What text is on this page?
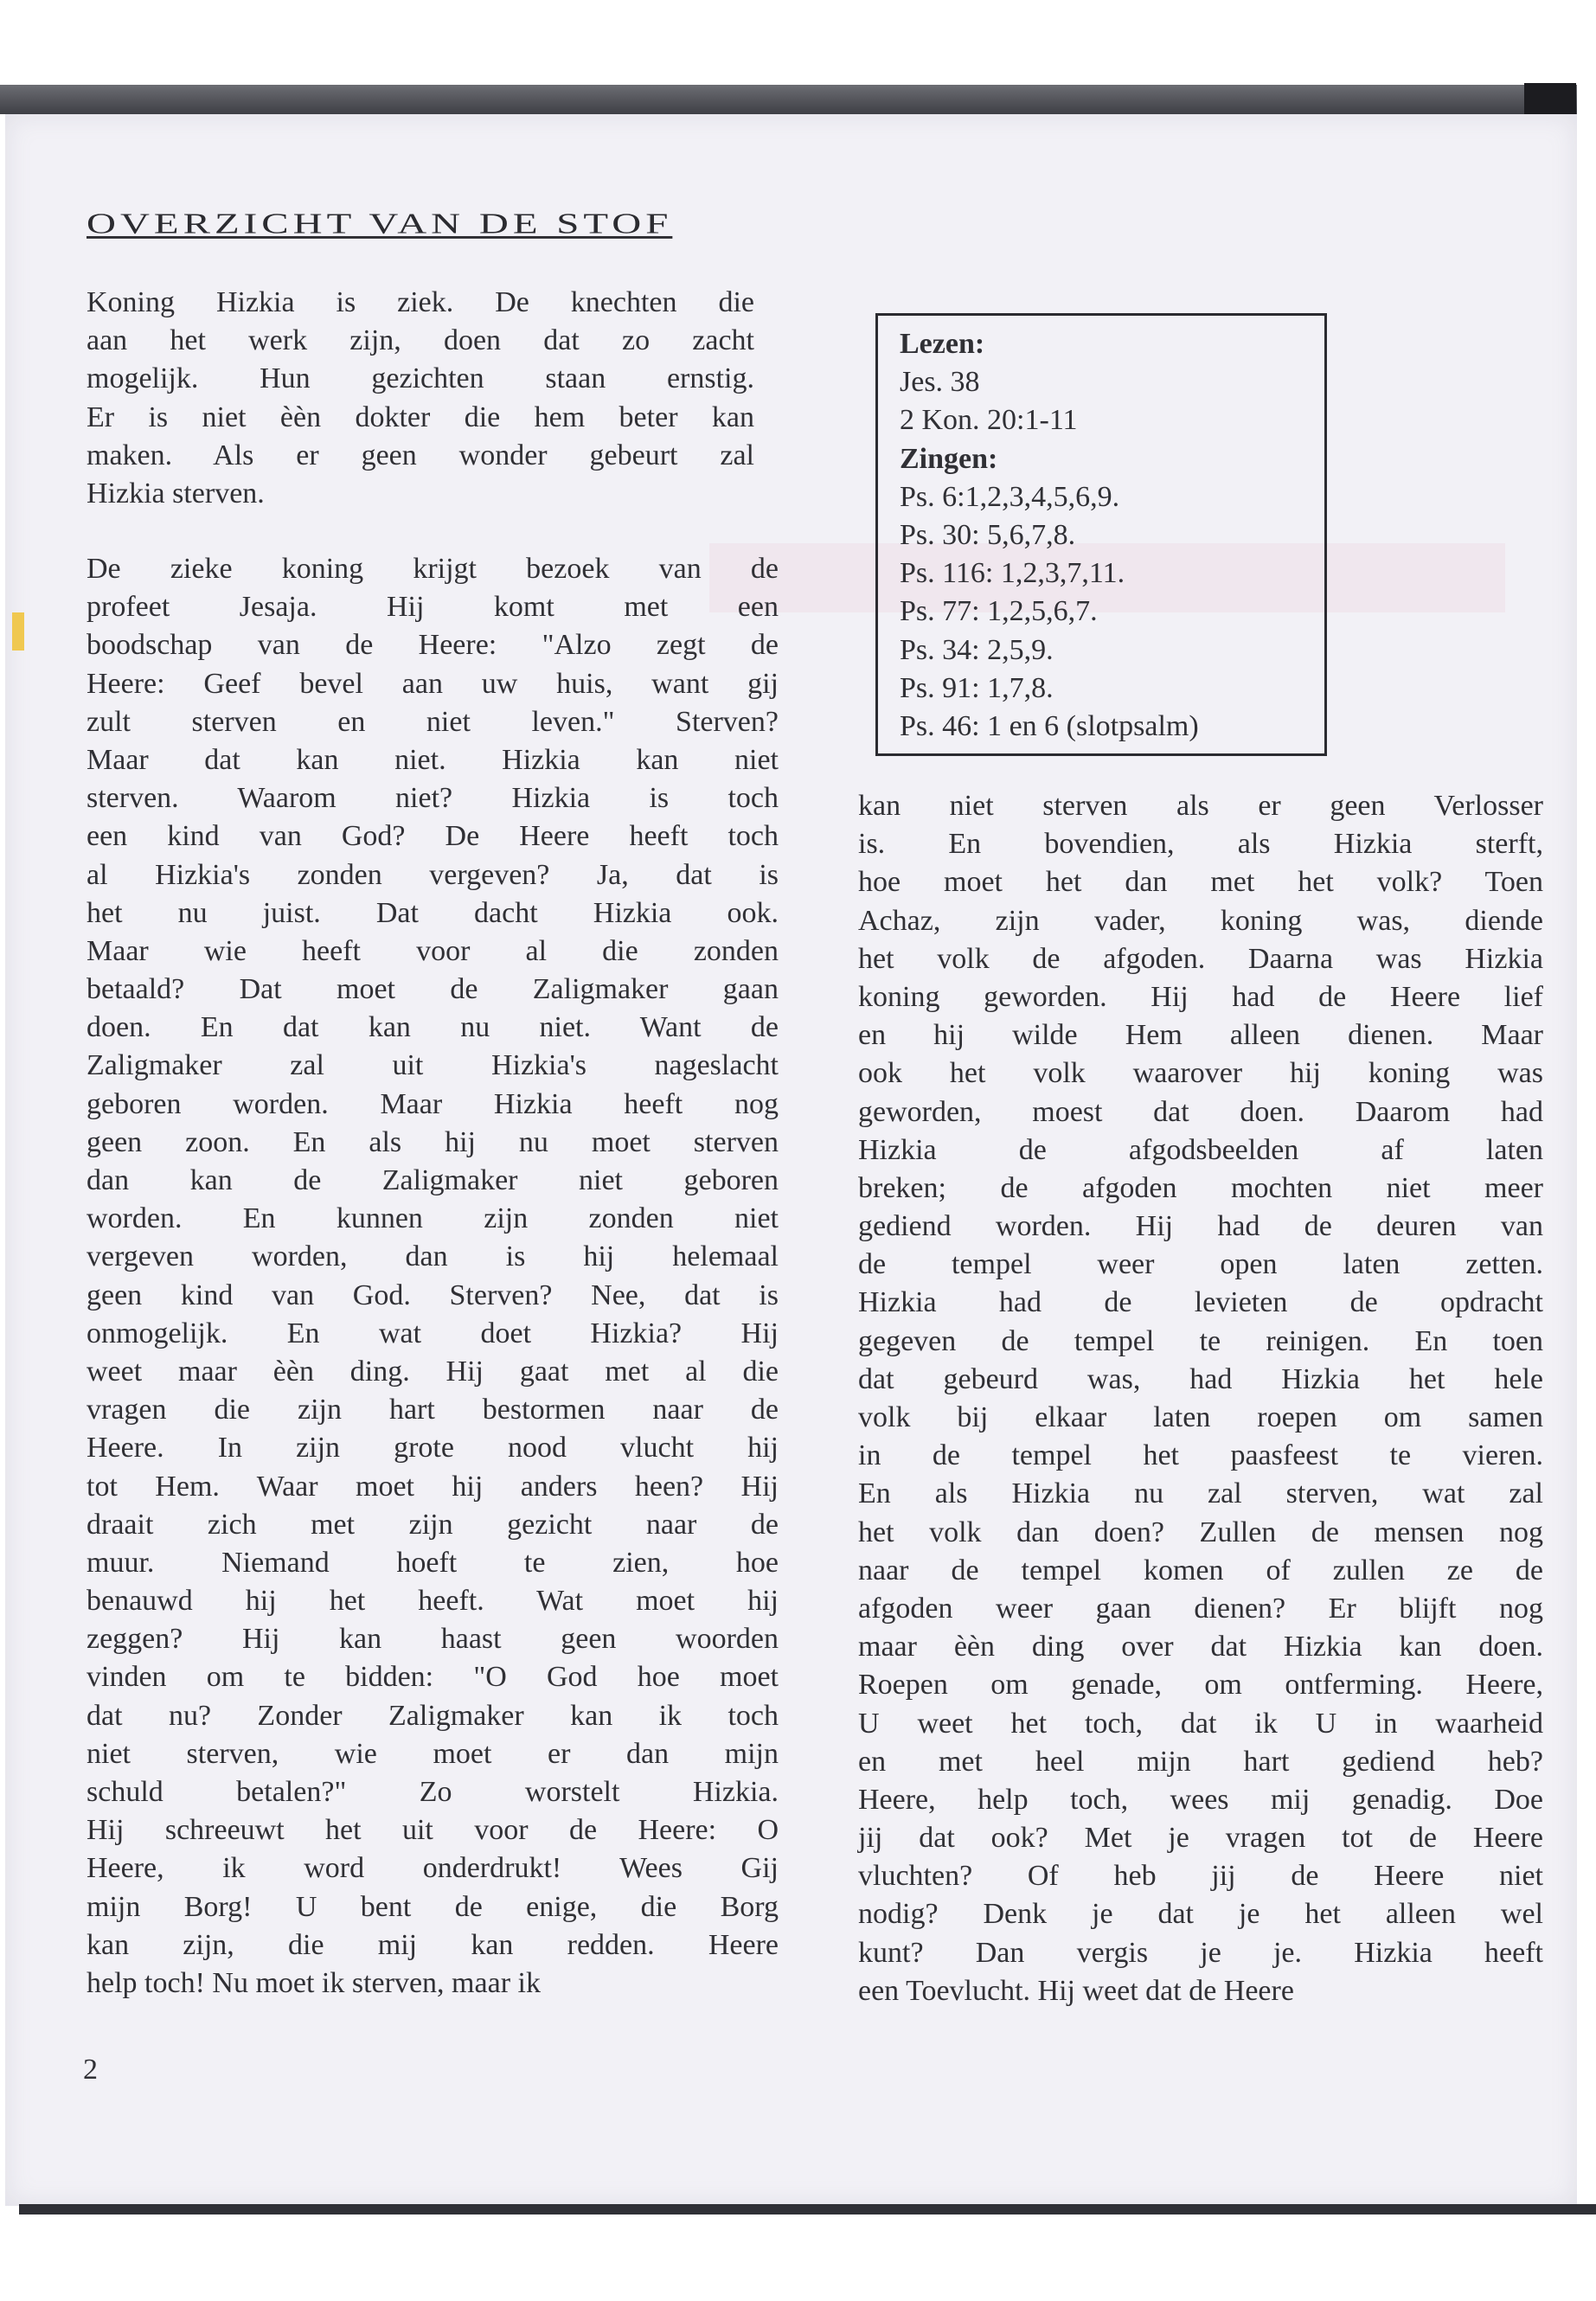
OVERZICHT VAN DE STOF
Koning Hizkia is ziek. De knechten die
aan het werk zijn, doen dat zo zacht
mogelijk. Hun gezichten staan ernstig.
Er is niet èèn dokter die hem beter kan
maken. Als er geen wonder gebeurt zal
Hizkia sterven.
De zieke koning krijgt bezoek van de
profeet Jesaja. Hij komt met een
boodschap van de Heere: "Alzo zegt de
Heere: Geef bevel aan uw huis, want gij
zult sterven en niet leven." Sterven?
Maar dat kan niet. Hizkia kan niet
sterven. Waarom niet? Hizkia is toch
een kind van God? De Heere heeft toch
al Hizkia's zonden vergeven? Ja, dat is
het nu juist. Dat dacht Hizkia ook.
Maar wie heeft voor al die zonden
betaald? Dat moet de Zaligmaker gaan
doen. En dat kan nu niet. Want de
Zaligmaker zal uit Hizkia's nageslacht
geboren worden. Maar Hizkia heeft nog
geen zoon. En als hij nu moet sterven
dan kan de Zaligmaker niet geboren
worden. En kunnen zijn zonden niet
vergeven worden, dan is hij helemaal
geen kind van God. Sterven? Nee, dat is
onmogelijk. En wat doet Hizkia? Hij
weet maar èèn ding. Hij gaat met al die
vragen die zijn hart bestormen naar de
Heere. In zijn grote nood vlucht hij
tot Hem. Waar moet hij anders heen? Hij
draait zich met zijn gezicht naar de
muur. Niemand hoeft te zien, hoe
benauwd hij het heeft. Wat moet hij
zeggen? Hij kan haast geen woorden
vinden om te bidden: "O God hoe moet
dat nu? Zonder Zaligmaker kan ik toch
niet sterven, wie moet er dan mijn
schuld betalen?" Zo worstelt Hizkia.
Hij schreeuwt het uit voor de Heere: O
Heere, ik word onderdrukt! Wees Gij
mijn Borg! U bent de enige, die Borg
kan zijn, die mij kan redden. Heere
help toch! Nu moet ik sterven, maar ik
Lezen:
Jes. 38
2 Kon. 20:1-11
Zingen:
Ps. 6:1,2,3,4,5,6,9.
Ps. 30: 5,6,7,8.
Ps. 116: 1,2,3,7,11.
Ps. 77: 1,2,5,6,7.
Ps. 34: 2,5,9.
Ps. 91: 1,7,8.
Ps. 46: 1 en 6 (slotpsalm)
kan niet sterven als er geen Verlosser
is. En bovendien, als Hizkia sterft,
hoe moet het dan met het volk? Toen
Achaz, zijn vader, koning was, diende
het volk de afgoden. Daarna was Hizkia
koning geworden. Hij had de Heere lief
en hij wilde Hem alleen dienen. Maar
ook het volk waarover hij koning was
geworden, moest dat doen. Daarom had
Hizkia de afgodsbeelden af laten
breken; de afgoden mochten niet meer
gediend worden. Hij had de deuren van
de tempel weer open laten zetten.
Hizkia had de levieten de opdracht
gegeven de tempel te reinigen. En toen
dat gebeurd was, had Hizkia het hele
volk bij elkaar laten roepen om samen
in de tempel het paasfeest te vieren.
En als Hizkia nu zal sterven, wat zal
het volk dan doen? Zullen de mensen nog
naar de tempel komen of zullen ze de
afgoden weer gaan dienen? Er blijft nog
maar èèn ding over dat Hizkia kan doen.
Roepen om genade, om ontferming. Heere,
U weet het toch, dat ik U in waarheid
en met heel mijn hart gediend heb?
Heere, help toch, wees mij genadig. Doe
jij dat ook? Met je vragen tot de Heere
vluchten? Of heb jij de Heere niet
nodig? Denk je dat je het alleen wel
kunt? Dan vergis je je. Hizkia heeft
een Toevlucht. Hij weet dat de Heere
2
